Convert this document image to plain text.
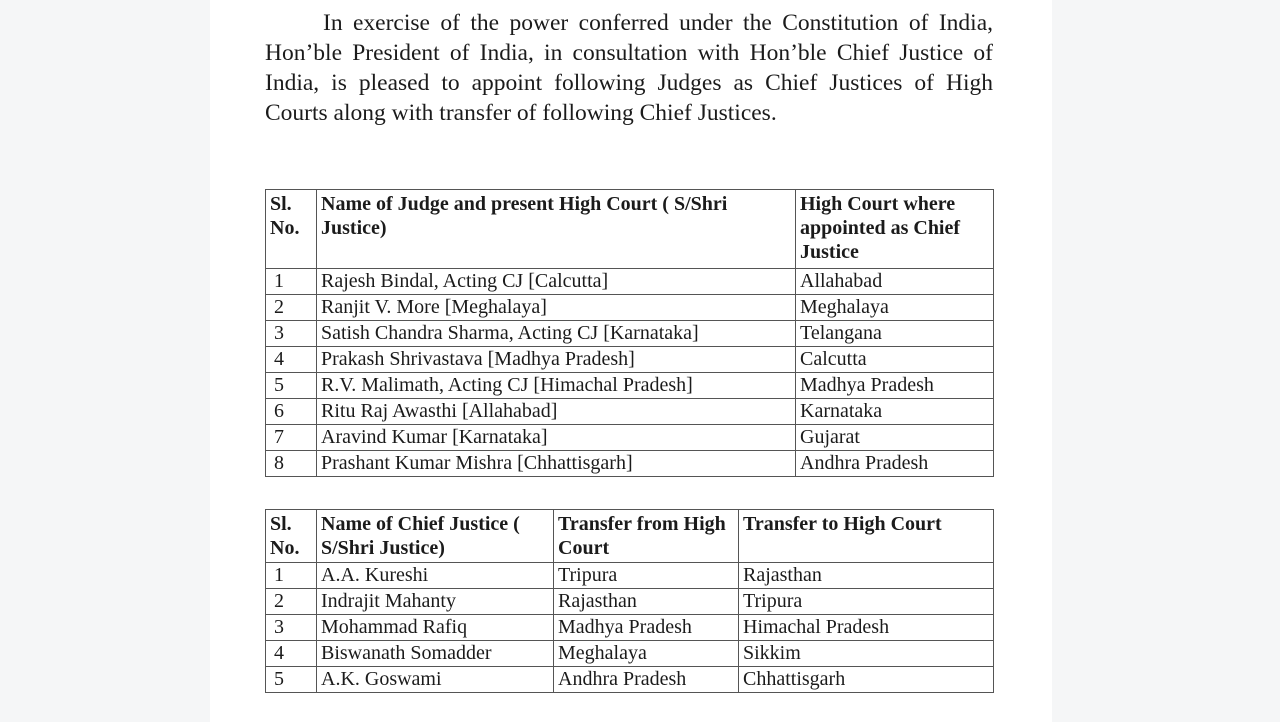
In exercise of the power conferred under the Constitution of India, Hon’ble President of India, in consultation with Hon’ble Chief Justice of India, is pleased to appoint following Judges as Chief Justices of High Courts along with transfer of following Chief Justices.

Sl. No.	Name of Judge and present High Court ( S/Shri Justice)	High Court where appointed as Chief Justice
1	Rajesh Bindal, Acting CJ [Calcutta]	Allahabad
2	Ranjit V. More [Meghalaya]	Meghalaya
3	Satish Chandra Sharma, Acting CJ [Karnataka]	Telangana
4	Prakash Shrivastava [Madhya Pradesh]	Calcutta
5	R.V. Malimath, Acting CJ [Himachal Pradesh]	Madhya Pradesh
6	Ritu Raj Awasthi [Allahabad]	Karnataka
7	Aravind Kumar [Karnataka]	Gujarat
8	Prashant Kumar Mishra [Chhattisgarh]	Andhra Pradesh
Sl. No.	Name of Chief Justice ( S/Shri Justice)	Transfer from High Court	Transfer to High Court
1	A.A. Kureshi	Tripura	Rajasthan
2	Indrajit Mahanty	Rajasthan	Tripura
3	Mohammad Rafiq	Madhya Pradesh	Himachal Pradesh
4	Biswanath Somadder	Meghalaya	Sikkim
5	A.K. Goswami	Andhra Pradesh	Chhattisgarh
